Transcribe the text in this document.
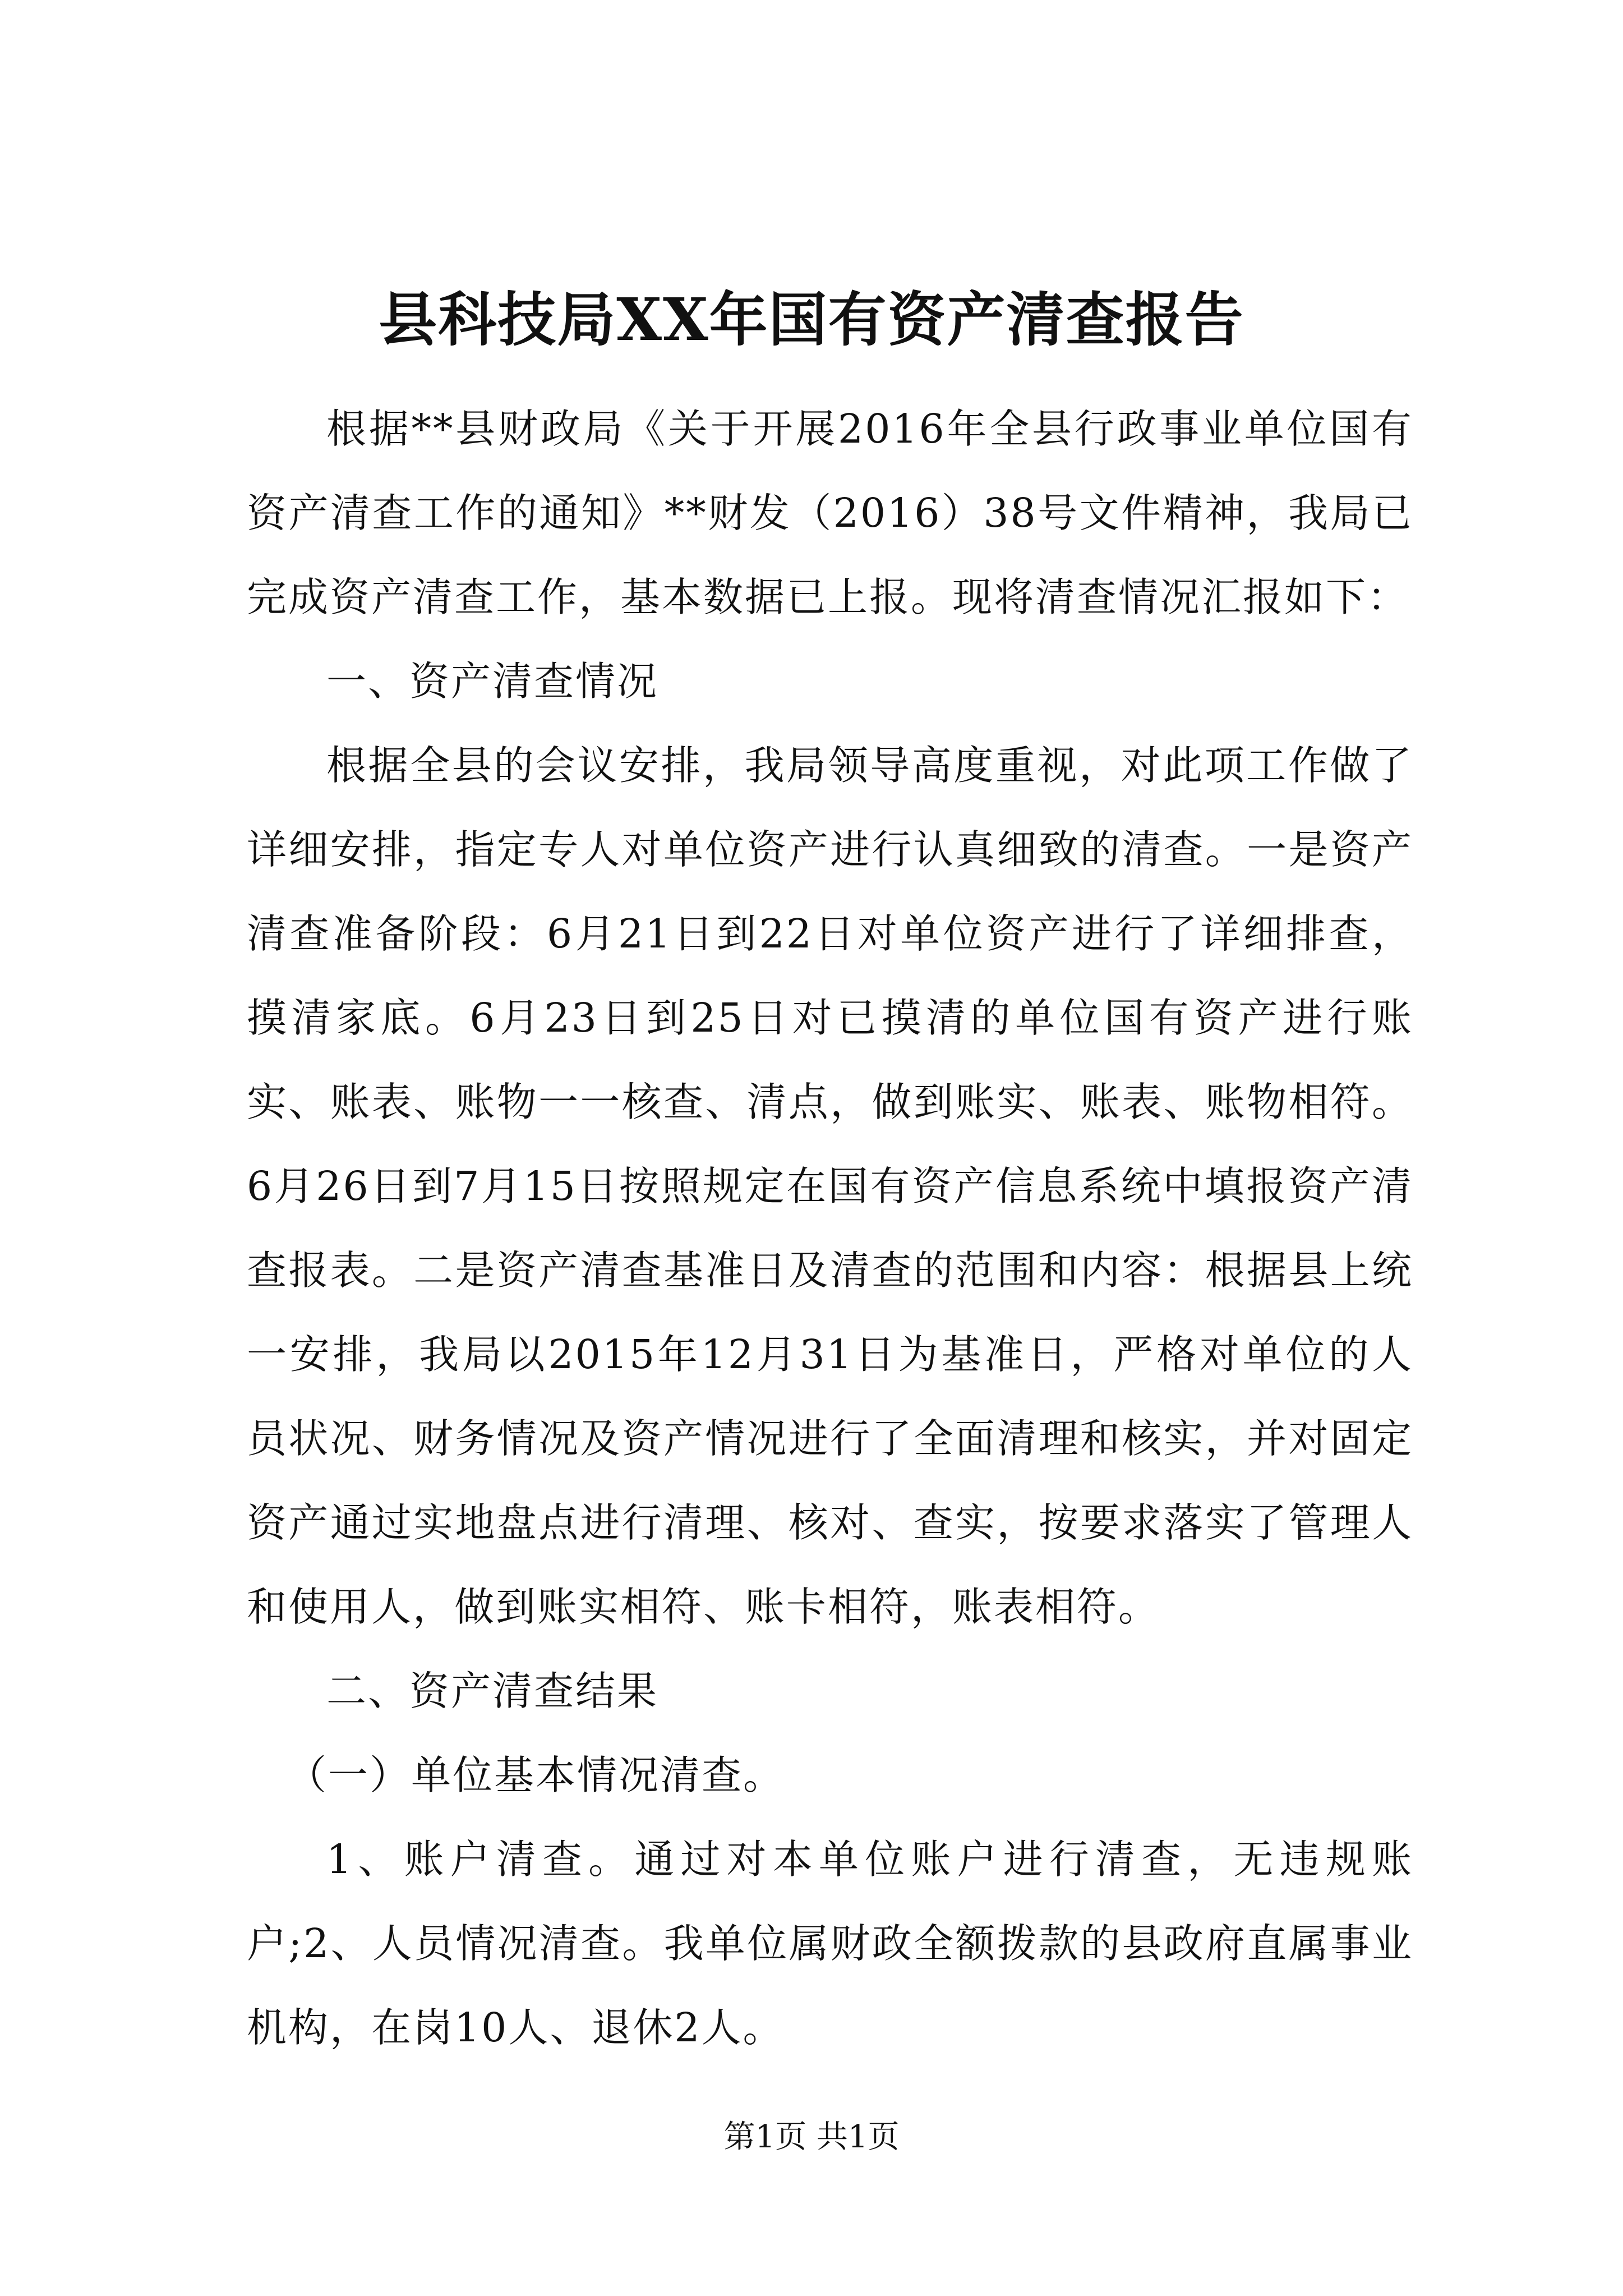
县科技局XX年国有资产清查报告

根据**县财政局《关于开展2016年全县行政事业单位国有资产清查工作的通知》**财发（2016）38号文件精神，我局已完成资产清查工作，基本数据已上报。现将清查情况汇报如下：

一、资产清查情况

根据全县的会议安排，我局领导高度重视，对此项工作做了详细安排，指定专人对单位资产进行认真细致的清查。一是资产清查准备阶段：6月21日到22日对单位资产进行了详细排查，摸清家底。6月23日到25日对已摸清的单位国有资产进行账实、账表、账物一一核查、清点，做到账实、账表、账物相符。6月26日到7月15日按照规定在国有资产信息系统中填报资产清查报表。二是资产清查基准日及清查的范围和内容：根据县上统一安排，我局以2015年12月31日为基准日，严格对单位的人员状况、财务情况及资产情况进行了全面清理和核实，并对固定资产通过实地盘点进行清理、核对、查实，按要求落实了管理人和使用人，做到账实相符、账卡相符，账表相符。

二、资产清查结果

（一）单位基本情况清查。

1、账户清查。通过对本单位账户进行清查，无违规账户;2、人员情况清查。我单位属财政全额拨款的县政府直属事业机构，在岗10人、退休2人。

第1页 共1页
